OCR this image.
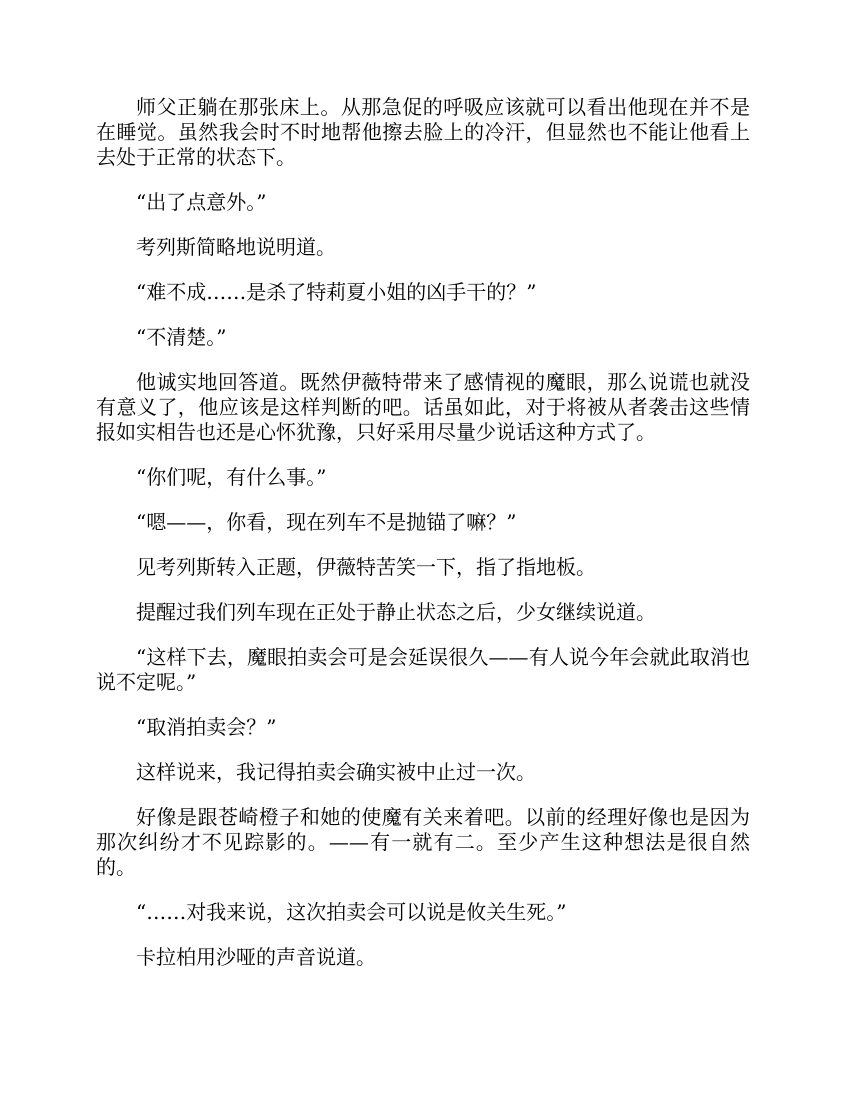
师父正躺在那张床上。从那急促的呼吸应该就可以看出他现在并不是在睡觉。虽然我会时不时地帮他擦去脸上的冷汗，但显然也不能让他看上去处于正常的状态下。

“出了点意外。”

考列斯简略地说明道。

“难不成……是杀了特莉夏小姐的凶手干的？”

“不清楚。”

他诚实地回答道。既然伊薇特带来了感情视的魔眼，那么说谎也就没有意义了，他应该是这样判断的吧。话虽如此，对于将被从者袭击这些情报如实相告也还是心怀犹豫，只好采用尽量少说话这种方式了。

“你们呢，有什么事。”

“嗯——，你看，现在列车不是抛锚了嘛？”

见考列斯转入正题，伊薇特苦笑一下，指了指地板。

提醒过我们列车现在正处于静止状态之后，少女继续说道。

“这样下去，魔眼拍卖会可是会延误很久——有人说今年会就此取消也说不定呢。”

“取消拍卖会？”

这样说来，我记得拍卖会确实被中止过一次。

好像是跟苍崎橙子和她的使魔有关来着吧。以前的经理好像也是因为那次纠纷才不见踪影的。——有一就有二。至少产生这种想法是很自然的。

“……对我来说，这次拍卖会可以说是攸关生死。”

卡拉柏用沙哑的声音说道。
